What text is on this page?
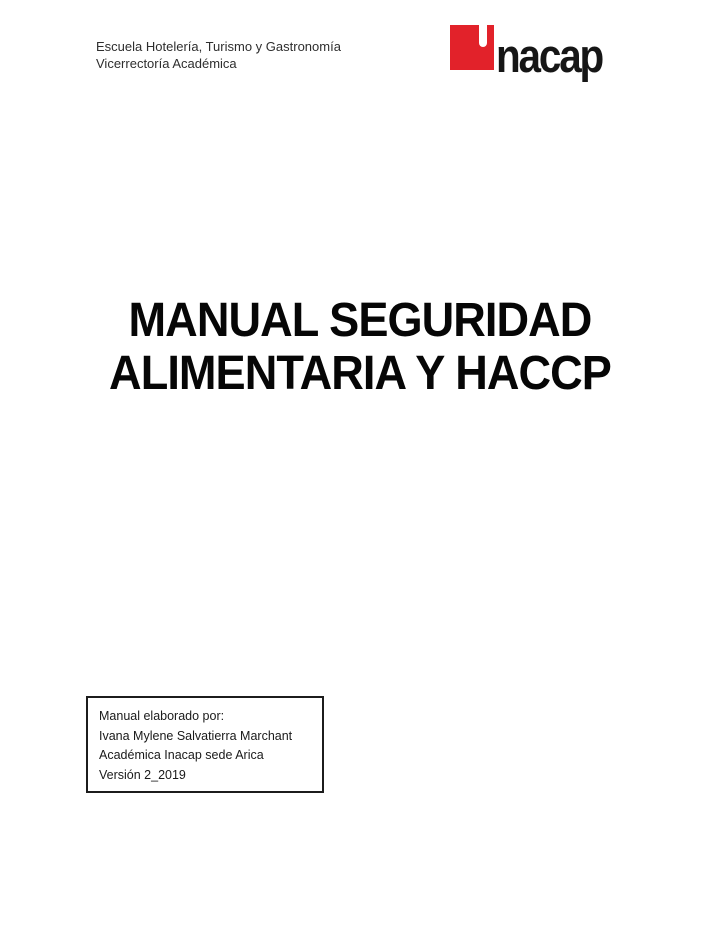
Escuela Hotelería, Turismo y Gastronomía
Vicerrectoría Académica	nacap
MANUAL SEGURIDAD
ALIMENTARIA Y HACCP
Manual elaborado por:
Ivana Mylene Salvatierra Marchant
Académica Inacap sede Arica
Versión 2_2019
